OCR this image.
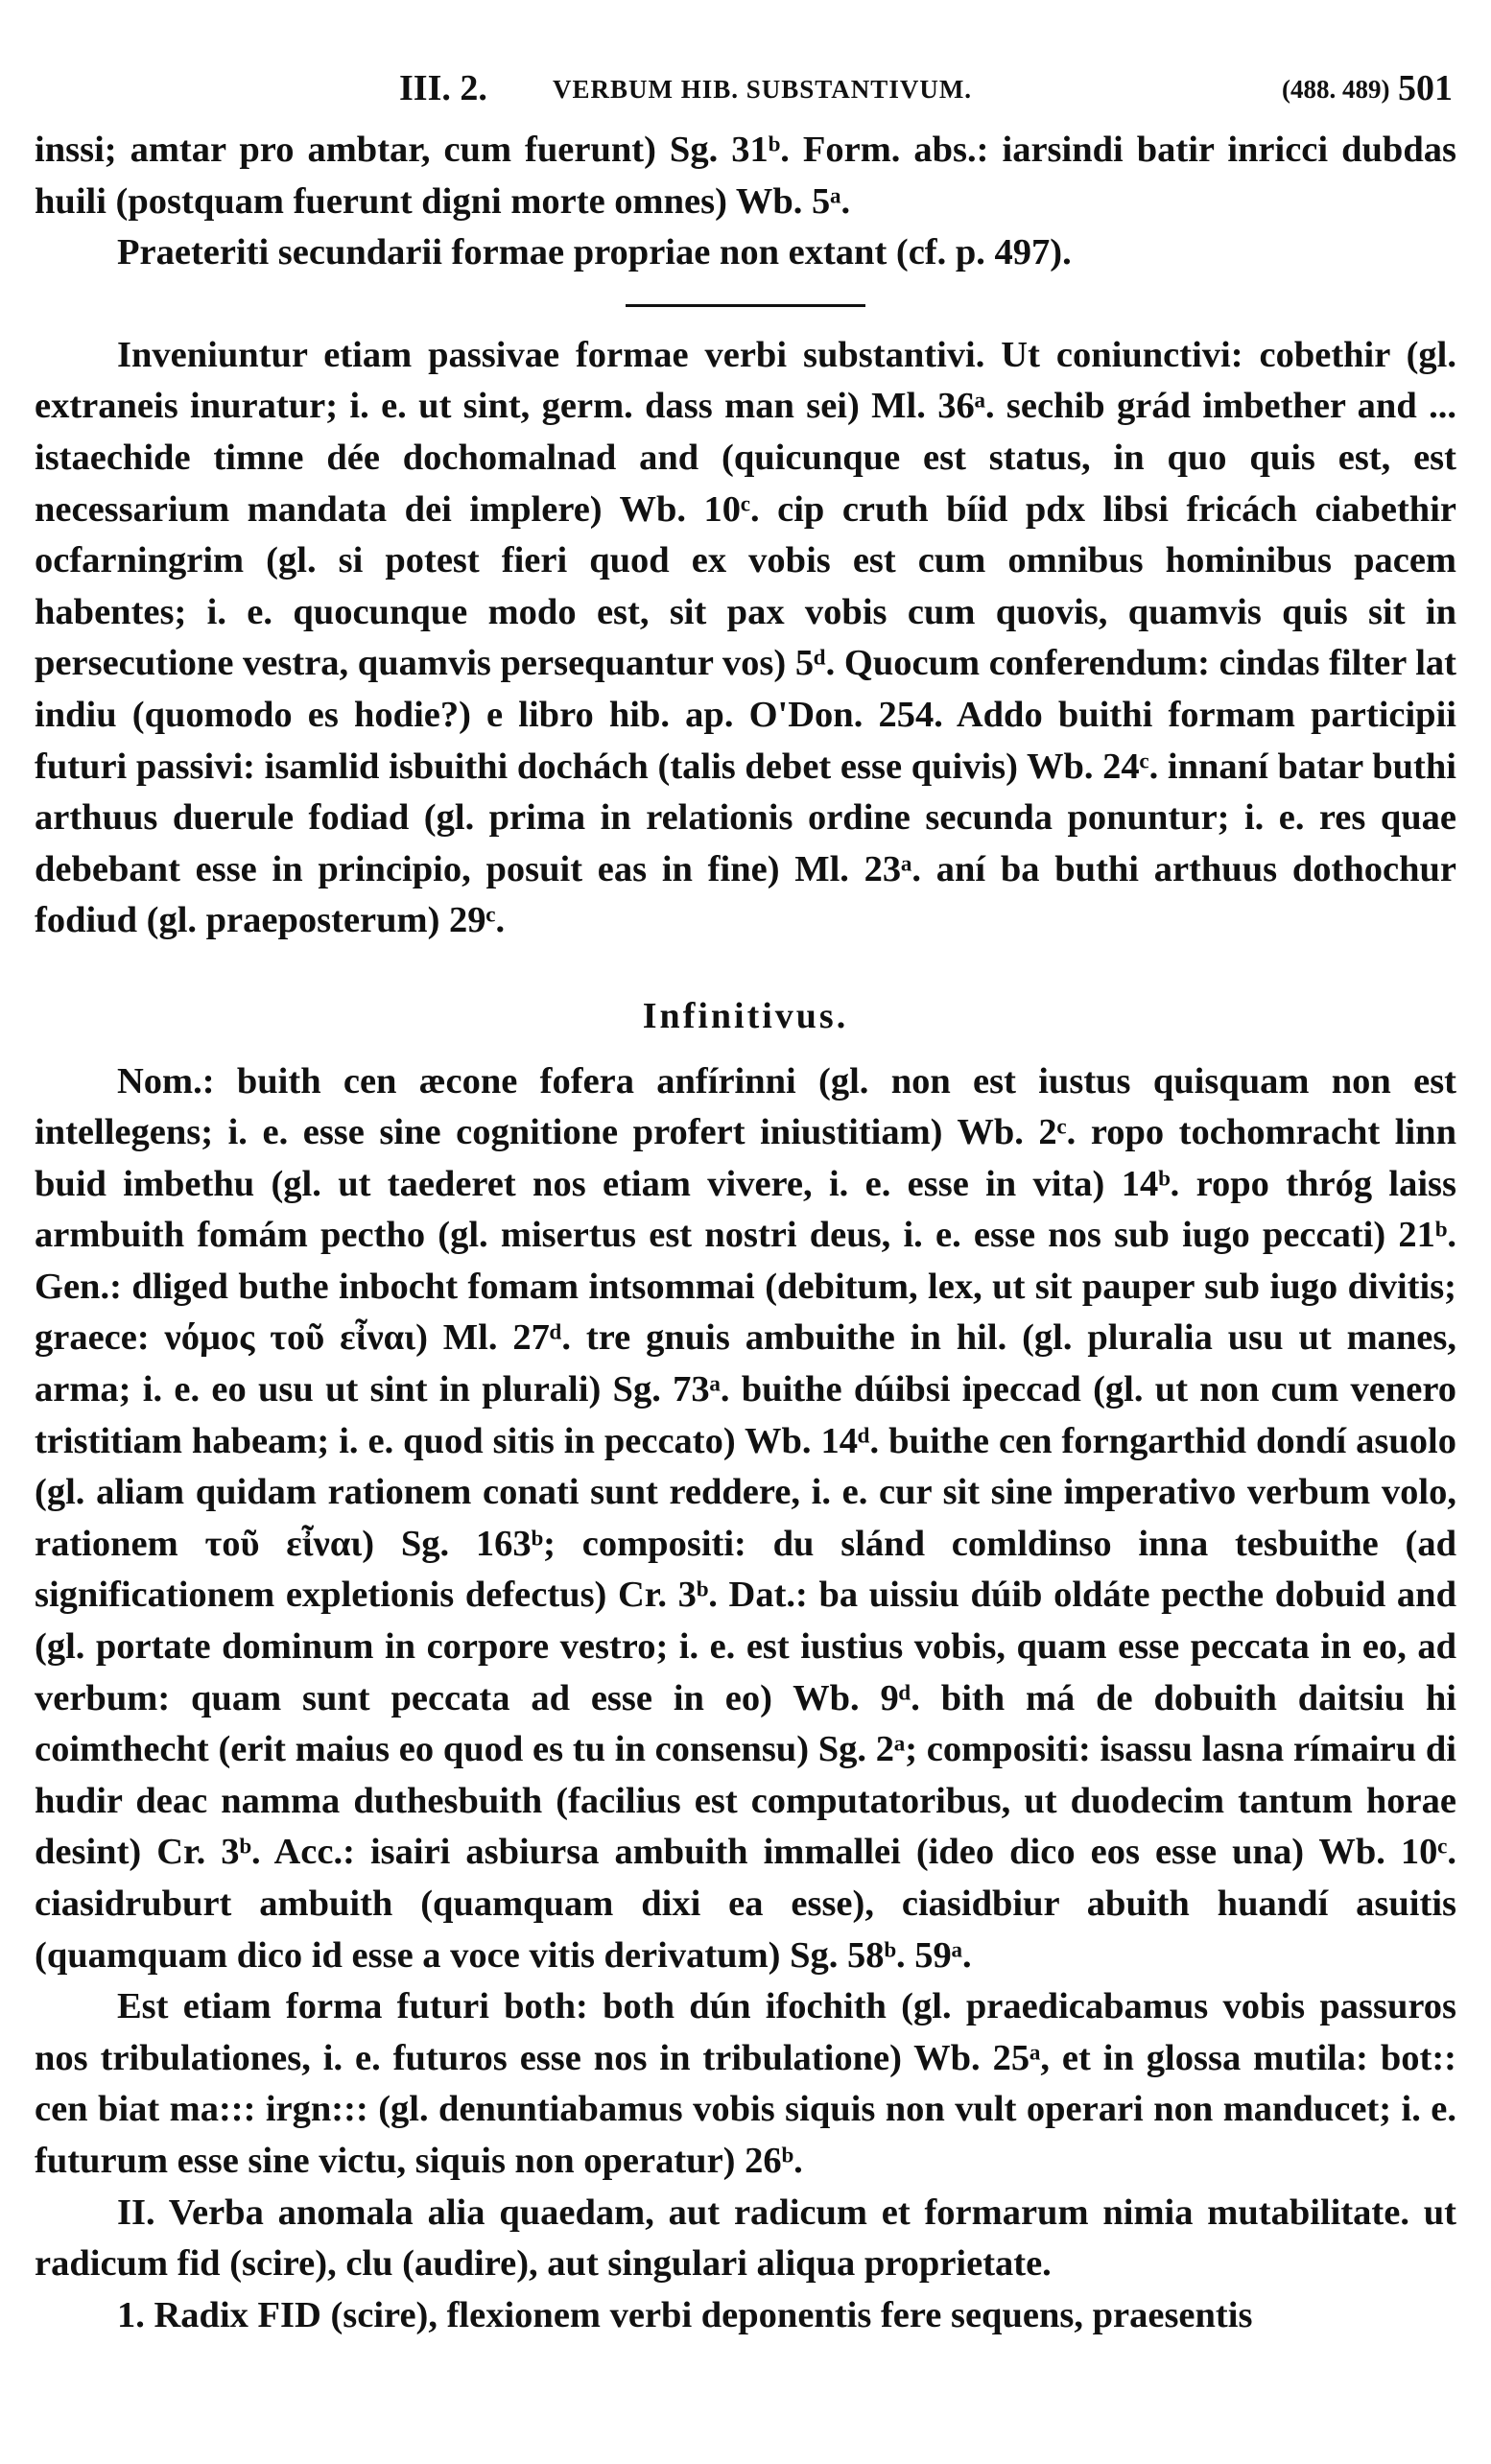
III. 2.	VERBUM HIB. SUBSTANTIVUM.	(488. 489) 501

inssi; amtar pro ambtar, cum fuerunt) Sg. 31ᵇ. Form. abs.: iarsindi batir inricci dubdas huili (postquam fuerunt digni morte omnes) Wb. 5ᵃ.

Praeteriti secundarii formae propriae non extant (cf. p. 497).

Inveniuntur etiam passivae formae verbi substantivi. Ut coniunctivi: cobethir (gl. extraneis inuratur; i. e. ut sint, germ. dass man sei) Ml. 36ᵃ. sechib grád imbether and ... istaechide timne dée dochomalnad and (quicunque est status, in quo quis est, est necessarium mandata dei implere) Wb. 10ᶜ. cip cruth bíid pdx libsi fricách ciabethir ocfarningrim (gl. si potest fieri quod ex vobis est cum omnibus hominibus pacem habentes; i. e. quocunque modo est, sit pax vobis cum quovis, quamvis quis sit in persecutione vestra, quamvis persequantur vos) 5ᵈ. Quocum conferendum: cindas filter lat indiu (quomodo es hodie?) e libro hib. ap. O'Don. 254. Addo buithi formam participii futuri passivi: isamlid isbuithi dochách (talis debet esse quivis) Wb. 24ᶜ. innaní batar buthi arthuus duerule fodiad (gl. prima in relationis ordine secunda ponuntur; i. e. res quae debebant esse in principio, posuit eas in fine) Ml. 23ᵃ. aní ba buthi arthuus dothochur fodiud (gl. praeposterum) 29ᶜ.

Infinitivus.

Nom.: buith cen æcone fofera anfírinni (gl. non est iustus quisquam non est intellegens; i. e. esse sine cognitione profert iniustitiam) Wb. 2ᶜ. ropo tochomracht linn buid imbethu (gl. ut taederet nos etiam vivere, i. e. esse in vita) 14ᵇ. ropo thróg laiss armbuith fomám pectho (gl. misertus est nostri deus, i. e. esse nos sub iugo peccati) 21ᵇ. Gen.: dliged buthe inbocht fomam intsommai (debitum, lex, ut sit pauper sub iugo divitis; graece: νόμος τοῦ εἶναι) Ml. 27ᵈ. tre gnuis ambuithe in hil. (gl. pluralia usu ut manes, arma; i. e. eo usu ut sint in plurali) Sg. 73ᵃ. buithe dúibsi ipeccad (gl. ut non cum venero tristitiam habeam; i. e. quod sitis in peccato) Wb. 14ᵈ. buithe cen forngarthid dondí asuolo (gl. aliam quidam rationem conati sunt reddere, i. e. cur sit sine imperativo verbum volo, rationem τοῦ εἶναι) Sg. 163ᵇ; compositi: du slánd comldinso inna tesbuithe (ad significationem expletionis defectus) Cr. 3ᵇ. Dat.: ba uissiu dúib oldáte pecthe dobuid and (gl. portate dominum in corpore vestro; i. e. est iustius vobis, quam esse peccata in eo, ad verbum: quam sunt peccata ad esse in eo) Wb. 9ᵈ. bith má de dobuith daitsiu hi coimthecht (erit maius eo quod es tu in consensu) Sg. 2ᵃ; compositi: isassu lasna rímairu di hudir deac namma duthesbuith (facilius est computatoribus, ut duodecim tantum horae desint) Cr. 3ᵇ. Acc.: isairi asbiursa ambuith immallei (ideo dico eos esse una) Wb. 10ᶜ. ciasidruburt ambuith (quamquam dixi ea esse), ciasidbiur abuith huandí asuitis (quamquam dico id esse a voce vitis derivatum) Sg. 58ᵇ. 59ᵃ.

Est etiam forma futuri both: both dún ifochith (gl. praedicabamus vobis passuros nos tribulationes, i. e. futuros esse nos in tribulatione) Wb. 25ᵃ, et in glossa mutila: bot:: cen biat ma::: irgn::: (gl. denuntiabamus vobis siquis non vult operari non manducet; i. e. futurum esse sine victu, siquis non operatur) 26ᵇ.

II. Verba anomala alia quaedam, aut radicum et formarum nimia mutabilitate. ut radicum fid (scire), clu (audire), aut singulari aliqua proprietate.

1. Radix FID (scire), flexionem verbi deponentis fere sequens, praesentis
